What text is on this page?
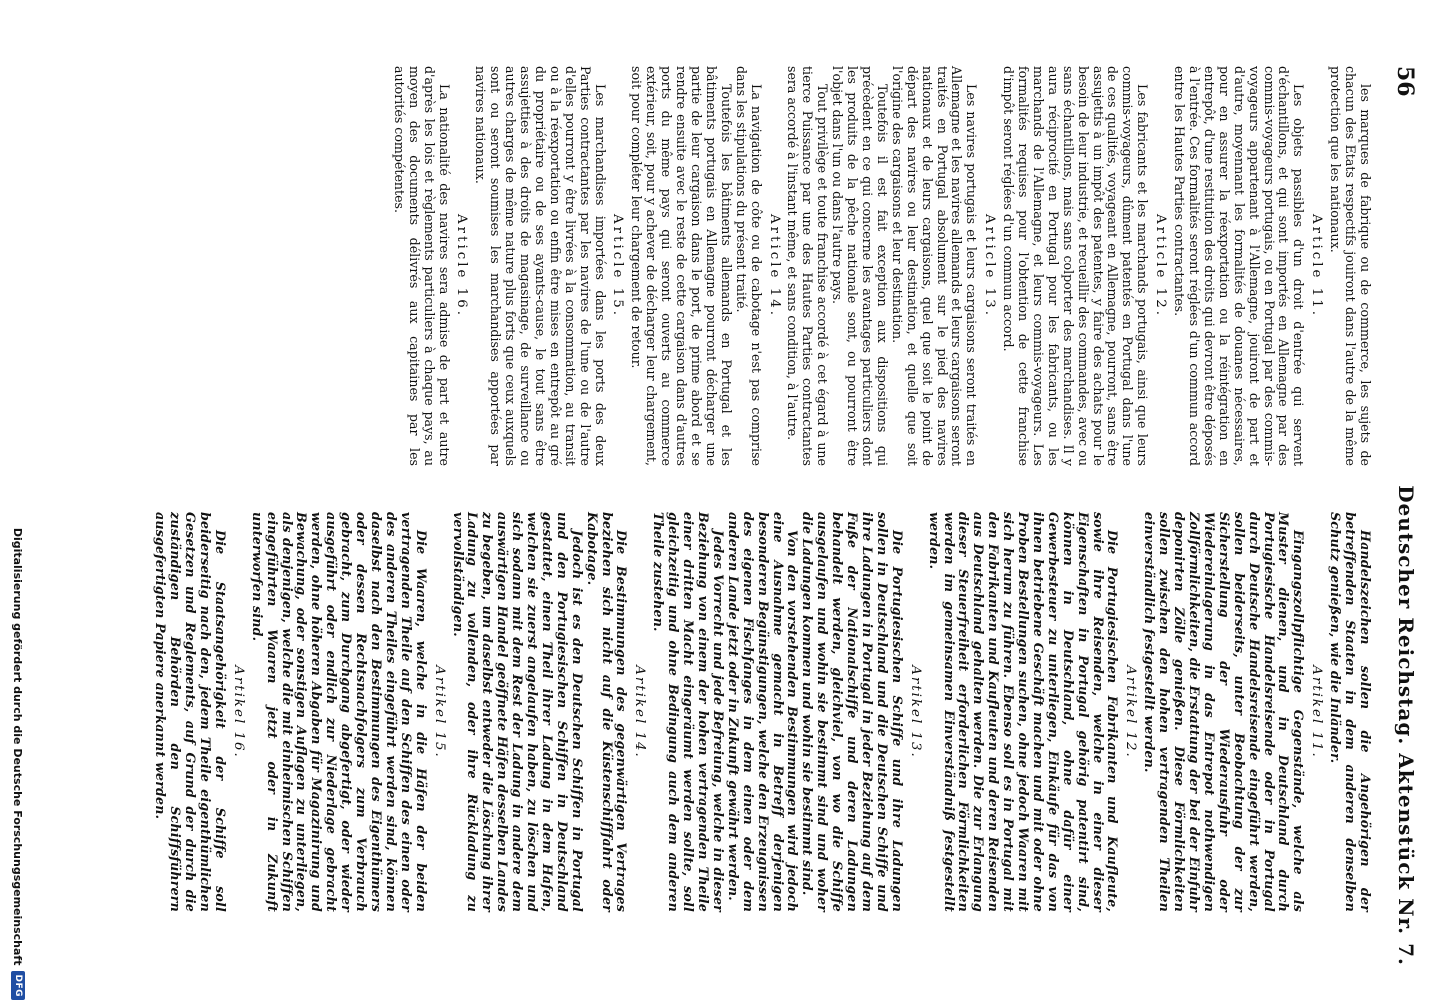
56
Deutscher Reichstag. Aktenstück Nr. 7.

les marques de fabrique ou de commerce, les sujets de chacun des Etats respectifs jouiront dans l'autre de la même protection que les nationaux.

Article 11.

Les objets passibles d'un droit d'entrée qui servent d'échantillons, et qui sont importés en Allemagne par des commis-voyageurs portugais, ou en Portugal par des commis-voyageurs appartenant à l'Allemagne, jouiront de part et d'autre, moyennant les formalités de douanes nécessaires, pour en assurer la réexportation ou la réintégration en entrepôt, d'une restitution des droits qui devront être déposés à l'entrée. Ces formalités seront réglées d'un commun accord entre les Hautes Parties contractantes.

Article 12.

Les fabricants et les marchands portugais, ainsi que leurs commis-voyageurs, dûment patentés en Portugal dans l'une de ces qualités, voyageant en Allemagne, pourront, sans être assujettis à un impôt des patentes, y faire des achats pour le besoin de leur industrie, et recueillir des commandes, avec ou sans échantillons, mais sans colporter des marchandises. Il y aura réciprocité en Portugal pour les fabricants, ou les marchands de l'Allemagne, et leurs commis-voyageurs. Les formalités requises pour l'obtention de cette franchise d'impôt seront réglées d'un commun accord.

Article 13.

Les navires portugais et leurs cargaisons seront traités en Allemagne et les navires allemands et leurs cargaisons seront traités en Portugal absolument sur le pied des navires nationaux et de leurs cargaisons, quel que soit le point de départ des navires ou leur destination, et quelle que soit l'origine des cargaisons et leur destination.

Toutefois il est fait exception aux dispositions qui précèdent en ce qui concerne les avantages particuliers dont les produits de la pêche nationale sont, ou pourront être l'objet dans l'un ou dans l'autre pays.

Tout privilège et toute franchise accordé à cet égard à une tierce Puissance par une des Hautes Parties contractantes sera accordé à l'instant même, et sans condition, à l'autre.

Article 14.

La navigation de côte ou de cabotage n'est pas comprise dans les stipulations du présent traité.

Toutefois les bâtiments allemands en Portugal et les bâtiments portugais en Allemagne pourront décharger une partie de leur cargaison dans le port, de prime abord et se rendre ensuite avec le reste de cette cargaison dans d'autres ports du même pays qui seront ouverts au commerce extérieur, soit, pour y achever de décharger leur chargement, soit pour compléter leur chargement de retour.

Article 15.

Les marchandises importées dans les ports des deux Parties contractantes par les navires de l'une ou de l'autre d'elles pourront y être livrées à la consommation, au transit ou à la réexportation ou enfin être mises en entrepôt au gré du propriétaire ou de ses ayants-cause, le tout sans être assujetties à des droits de magasinage, de surveillance ou autres charges de même nature plus forts que ceux auxquels sont ou seront soumises les marchandises apportées par navires nationaux.

Article 16.

La nationalité des navires sera admise de part et autre d'après les lois et règlements particuliers à chaque pays, au moyen des documents délivrés aux capitaines par les autorités compétentes.

Handelszeichen sollen die Angehörigen der betreffenden Staaten in dem anderen denselben Schutz genießen, wie die Inländer.

Artikel 11.

Eingangszollpflichtige Gegenstände, welche als Muster dienen, und in Deutschland durch Portugiesische Handelsreisende oder in Portugal durch Deutsche Handelsreisende eingeführt werden, sollen beiderseits, unter Beobachtung der zur Sicherstellung der Wiederausfuhr oder Wiedereinlagerung in das Entrepot nothwendigen Zollförmlichkeiten, die Erstattung der bei der Einfuhr deponirten Zölle genießen. Diese Förmlichkeiten sollen zwischen den hohen vertragenden Theilen einverständlich festgestellt werden.

Artikel 12.

Die Portugiesischen Fabrikanten und Kaufleute, sowie ihre Reisenden, welche in einer dieser Eigenschaften in Portugal gehörig patentirt sind, können in Deutschland, ohne dafür einer Gewerbesteuer zu unterliegen, Einkäufe für das von ihnen betriebene Geschäft machen und mit oder ohne Proben Bestellungen suchen, ohne jedoch Waaren mit sich herum zu führen. Ebenso soll es in Portugal mit den Fabrikanten und Kaufleuten und deren Reisenden aus Deutschland gehalten werden. Die zur Erlangung dieser Steuerfreiheit erforderlichen Förmlichkeiten werden im gemeinsamen Einverständniß festgestellt werden.

Artikel 13.

Die Portugiesischen Schiffe und ihre Ladungen sollen in Deutschland und die Deutschen Schiffe und ihre Ladungen in Portugal in jeder Beziehung auf dem Fuße der Nationalschiffe und deren Ladungen behandelt werden, gleichviel, von wo die Schiffe ausgelaufen und wohin sie bestimmt sind und woher die Ladungen kommen und wohin sie bestimmt sind.

Von den vorstehenden Bestimmungen wird jedoch eine Ausnahme gemacht in Betreff derjenigen besonderen Begünstigungen, welche den Erzeugnissen des eigenen Fischfanges in dem einen oder dem anderen Lande jetzt oder in Zukunft gewährt werden.

Jedes Vorrecht und jede Befreiung, welche in dieser Beziehung von einem der hohen vertragenden Theile einer dritten Macht eingeräumt werden sollte, soll gleichzeitig und ohne Bedingung auch dem anderen Theile zustehen.

Artikel 14.

Die Bestimmungen des gegenwärtigen Vertrages beziehen sich nicht auf die Küstenschifffahrt oder Kabotage.

Jedoch ist es den Deutschen Schiffen in Portugal und den Portugiesischen Schiffen in Deutschland gestattet, einen Theil ihrer Ladung in dem Hafen, welchen sie zuerst angelaufen haben, zu löschen und sich sodann mit dem Rest der Ladung in andere dem auswärtigen Handel geöffnete Häfen desselben Landes zu begeben, um daselbst entweder die Löschung ihrer Ladung zu vollenden, oder ihre Rückladung zu vervollständigen.

Artikel 15.

Die Waaren, welche in die Häfen der beiden vertragenden Theile auf den Schiffen des einen oder des anderen Theiles eingeführt werden sind, können daselbst nach den Bestimmungen des Eigenthümers oder dessen Rechtsnachfolgers zum Verbrauch gebracht, zum Durchgang abgefertigt, oder wieder ausgeführt oder endlich zur Niederlage gebracht werden, ohne höheren Abgaben für Magazinirung und Bewachung, oder sonstigen Auflagen zu unterliegen, als denjenigen, welche die mit einheimischen Schiffen eingeführten Waaren jetzt oder in Zukunft unterworfen sind.

Artikel 16.

Die Staatsangehörigkeit der Schiffe soll beiderseitig nach den, jedem Theile eigenthümlichen Gesetzen und Reglements, auf Grund der durch die zuständigen Behörden den Schiffsführern ausgefertigten Papiere anerkannt werden.

Digitalisierung gefördert durch die Deutsche Forschungsgemeinschaft
DFG
